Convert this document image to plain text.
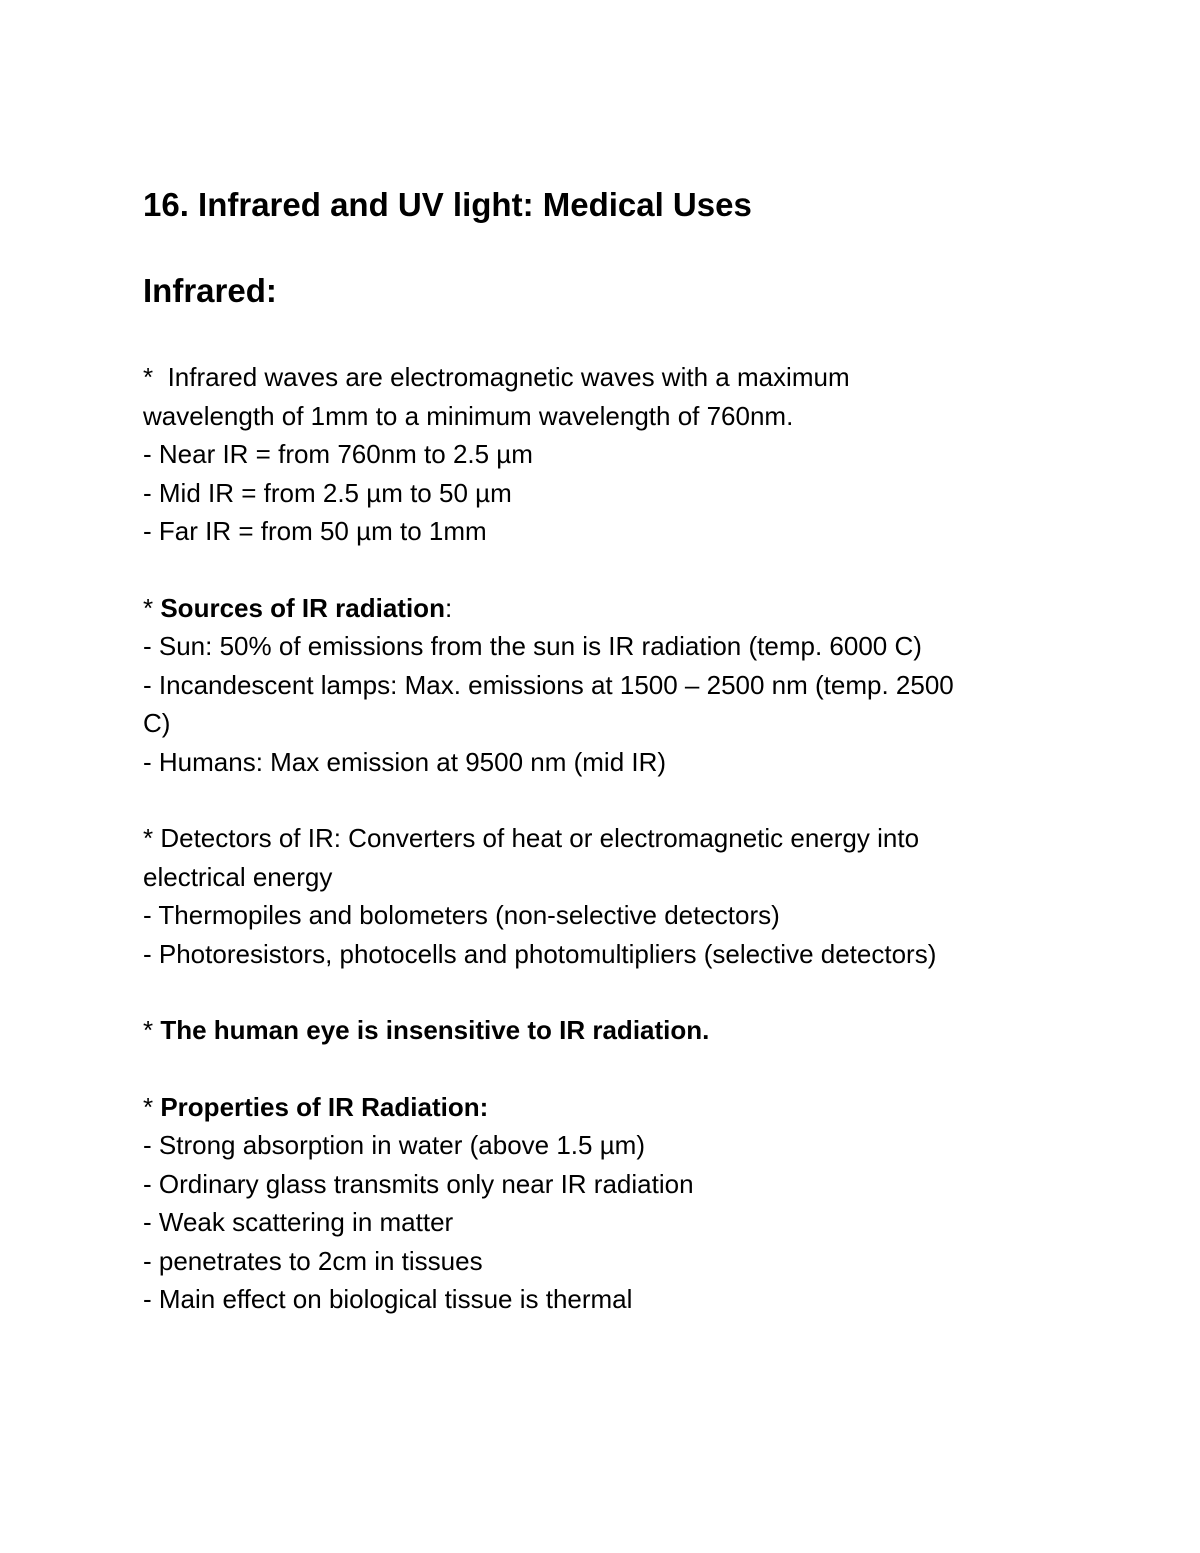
16. Infrared and UV light: Medical Uses
Infrared:

*  Infrared waves are electromagnetic waves with a maximum
wavelength of 1mm to a minimum wavelength of 760nm.
- Near IR = from 760nm to 2.5 µm
- Mid IR = from 2.5 µm to 50 µm
- Far IR = from 50 µm to 1mm

* Sources of IR radiation:
- Sun: 50% of emissions from the sun is IR radiation (temp. 6000 C)
- Incandescent lamps: Max. emissions at 1500 – 2500 nm (temp. 2500
C)
- Humans: Max emission at 9500 nm (mid IR)

* Detectors of IR: Converters of heat or electromagnetic energy into
electrical energy
- Thermopiles and bolometers (non-selective detectors)
- Photoresistors, photocells and photomultipliers (selective detectors)

* The human eye is insensitive to IR radiation.

* Properties of IR Radiation:
- Strong absorption in water (above 1.5 µm)
- Ordinary glass transmits only near IR radiation
- Weak scattering in matter
- penetrates to 2cm in tissues
- Main effect on biological tissue is thermal
